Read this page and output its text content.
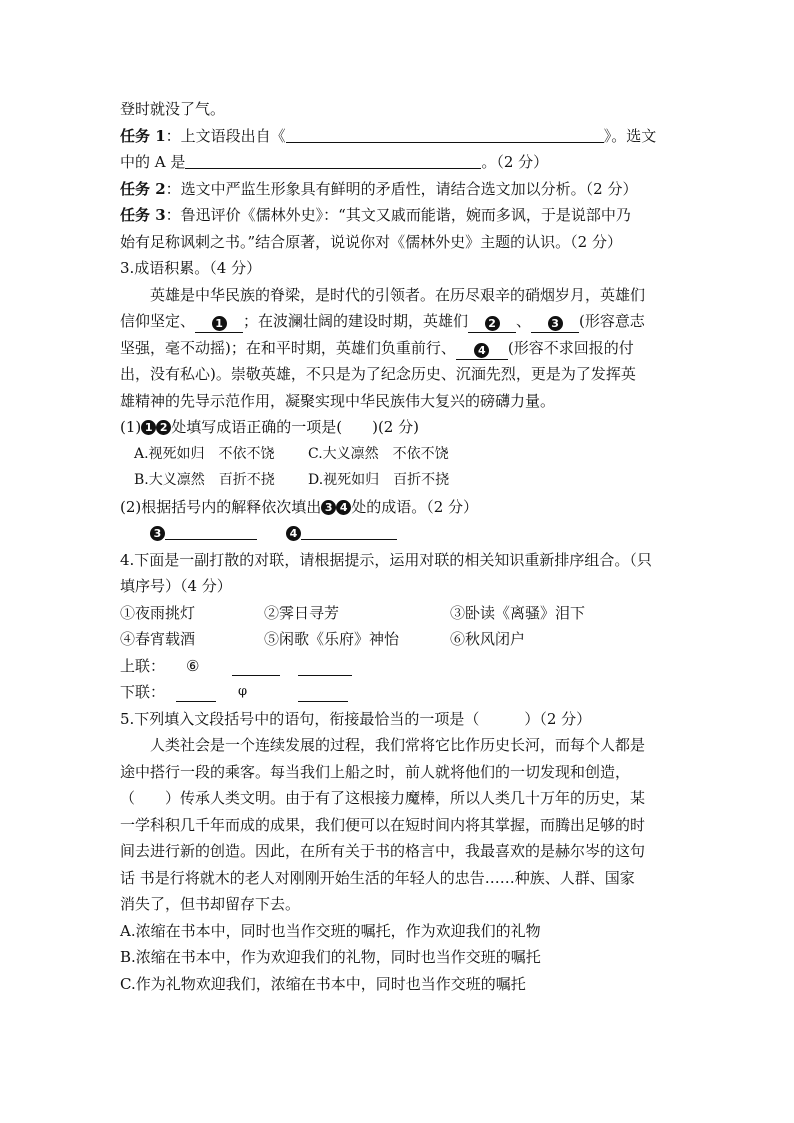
登时就没了气。
任务 1：上文语段出自《	》。选文
中的 A 是	。（2 分）
任务 2：选文中严监生形象具有鲜明的矛盾性，请结合选文加以分析。（2 分）
任务 3：鲁迅评价《儒林外史》：“其文又戚而能谐，婉而多讽，于是说部中乃
始有足称讽刺之书。”结合原著，说说你对《儒林外史》主题的认识。（2 分）
3.成语积累。（4 分）
英雄是中华民族的脊梁，是时代的引领者。在历尽艰辛的硝烟岁月，英雄们
信仰坚定、 1 ；在波澜壮阔的建设时期，英雄们 2 、 3 (形容意志
坚强，毫不动摇)；在和平时期，英雄们负重前行、 4 (形容不求回报的付
出，没有私心)。崇敬英雄，不只是为了纪念历史、沉湎先烈，更是为了发挥英
雄精神的先导示范作用，凝聚实现中华民族伟大复兴的磅礴力量。
(1) 1 2 处填写成语正确的一项是(　　)(2 分)
A.视死如归　不依不饶 C.大义凛然　不依不饶
B.大义凛然　百折不挠 D.视死如归　百折不挠
(2)根据括号内的解释依次填出 3 4 处的成语。（2 分）
3	4
4.下面是一副打散的对联，请根据提示，运用对联的相关知识重新排序组合。（只
填序号）（4 分）
①夜雨挑灯	②霁日寻芳	③卧读《离骚》泪下
④春宵载酒	⑤闲歌《乐府》神怡	⑥秋风闭户
上联： ⑥
下联：	φ
5.下列填入文段括号中的语句，衔接最恰当的一项是（　　　）（2 分）
人类社会是一个连续发展的过程，我们常将它比作历史长河，而每个人都是
途中搭行一段的乘客。每当我们上船之时，前人就将他们的一切发现和创造，
（　　）传承人类文明。由于有了这根接力魔棒，所以人类几十万年的历史，某
一学科积几千年而成的成果，我们便可以在短时间内将其掌握，而腾出足够的时
间去进行新的创造。因此，在所有关于书的格言中，我最喜欢的是赫尔岑的这句
话 书是行将就木的老人对刚刚开始生活的年轻人的忠告……种族、人群、国家
消失了，但书却留存下去。
A.浓缩在书本中，同时也当作交班的嘱托，作为欢迎我们的礼物
B.浓缩在书本中，作为欢迎我们的礼物，同时也当作交班的嘱托
C.作为礼物欢迎我们，浓缩在书本中，同时也当作交班的嘱托
